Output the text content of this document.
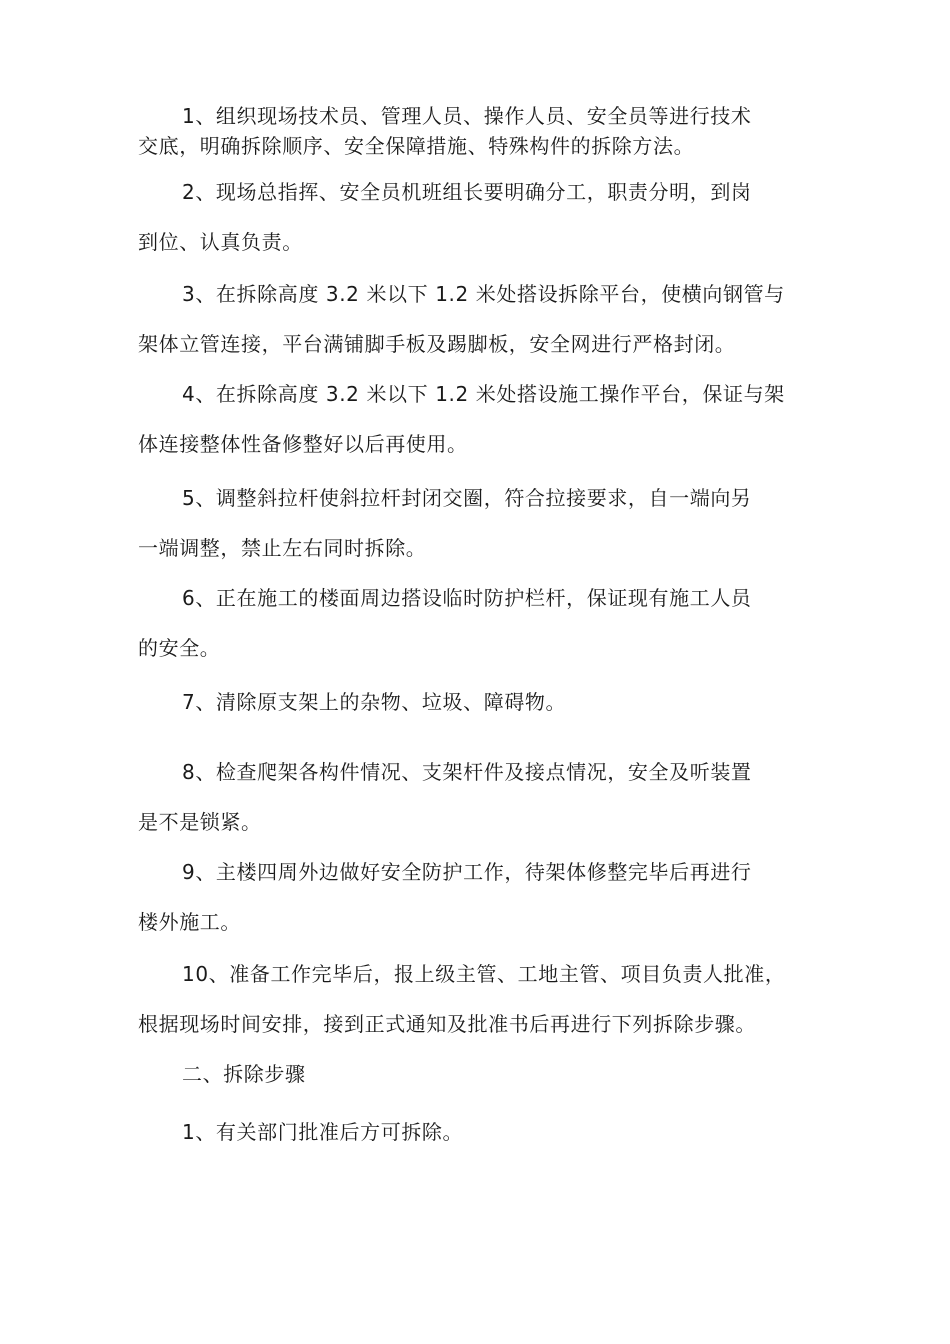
1、组织现场技术员、管理人员、操作人员、安全员等进行技术
交底，明确拆除顺序、安全保障措施、特殊构件的拆除方法。
2、现场总指挥、安全员机班组长要明确分工，职责分明，到岗
到位、认真负责。
3、在拆除高度 3.2 米以下 1.2 米处搭设拆除平台，使横向钢管与
架体立管连接，平台满铺脚手板及踢脚板，安全网进行严格封闭。
4、在拆除高度 3.2 米以下 1.2 米处搭设施工操作平台，保证与架
体连接整体性备修整好以后再使用。
5、调整斜拉杆使斜拉杆封闭交圈，符合拉接要求，自一端向另
一端调整，禁止左右同时拆除。
6、正在施工的楼面周边搭设临时防护栏杆，保证现有施工人员
的安全。
7、清除原支架上的杂物、垃圾、障碍物。
8、检查爬架各构件情况、支架杆件及接点情况，安全及听装置
是不是锁紧。
9、主楼四周外边做好安全防护工作，待架体修整完毕后再进行
楼外施工。
10、准备工作完毕后，报上级主管、工地主管、项目负责人批准，
根据现场时间安排，接到正式通知及批准书后再进行下列拆除步骤。
二、拆除步骤
1、有关部门批准后方可拆除。
